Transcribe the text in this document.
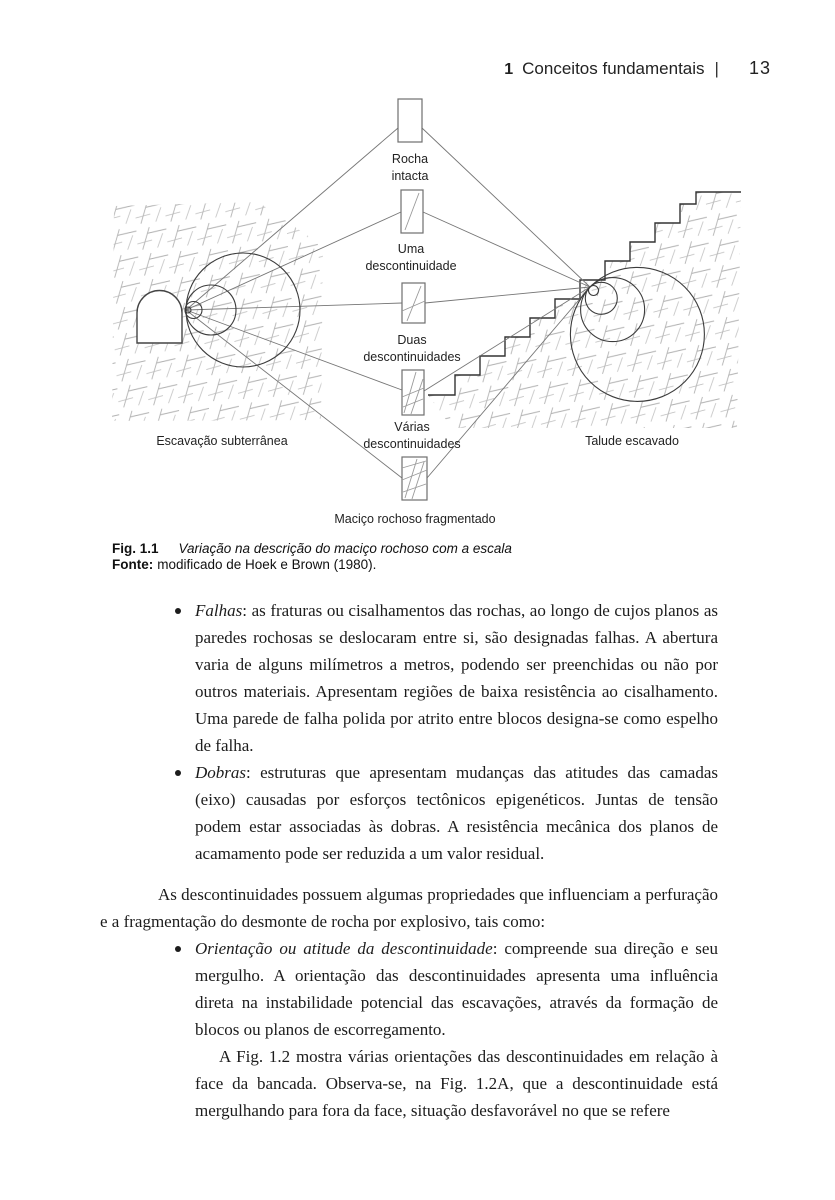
1 Conceitos fundamentais | 13
Rocha
intacta
Uma
descontinuidade
Duas
descontinuidades
Várias
descontinuidades
Maciço rochoso fragmentado
Escavação subterrânea	Talude escavado
Fig. 1.1 Variação na descrição do maciço rochoso com a escala
Fonte: modificado de Hoek e Brown (1980).
Falhas: as fraturas ou cisalhamentos das rochas, ao longo de cujos planos as paredes rochosas se deslocaram entre si, são designadas falhas. A abertura varia de alguns milímetros a metros, podendo ser preenchidas ou não por outros materiais. Apresentam regiões de baixa resistência ao cisalhamento. Uma parede de falha polida por atrito entre blocos designa-se como espelho de falha.
Dobras: estruturas que apresentam mudanças das atitudes das camadas (eixo) causadas por esforços tectônicos epigenéticos. Juntas de tensão podem estar associadas às dobras. A resistência mecânica dos planos de acamamento pode ser reduzida a um valor residual.

As descontinuidades possuem algumas propriedades que influenciam a perfuração e a fragmentação do desmonte de rocha por explosivo, tais como:

Orientação ou atitude da descontinuidade: compreende sua direção e seu mergulho. A orientação das descontinuidades apresenta uma influência direta na instabilidade potencial das escavações, através da formação de blocos ou planos de escorregamento.

A Fig. 1.2 mostra várias orientações das descontinuidades em relação à face da bancada. Observa-se, na Fig. 1.2A, que a descontinuidade está mergulhando para fora da face, situação desfavorável no que se refere
